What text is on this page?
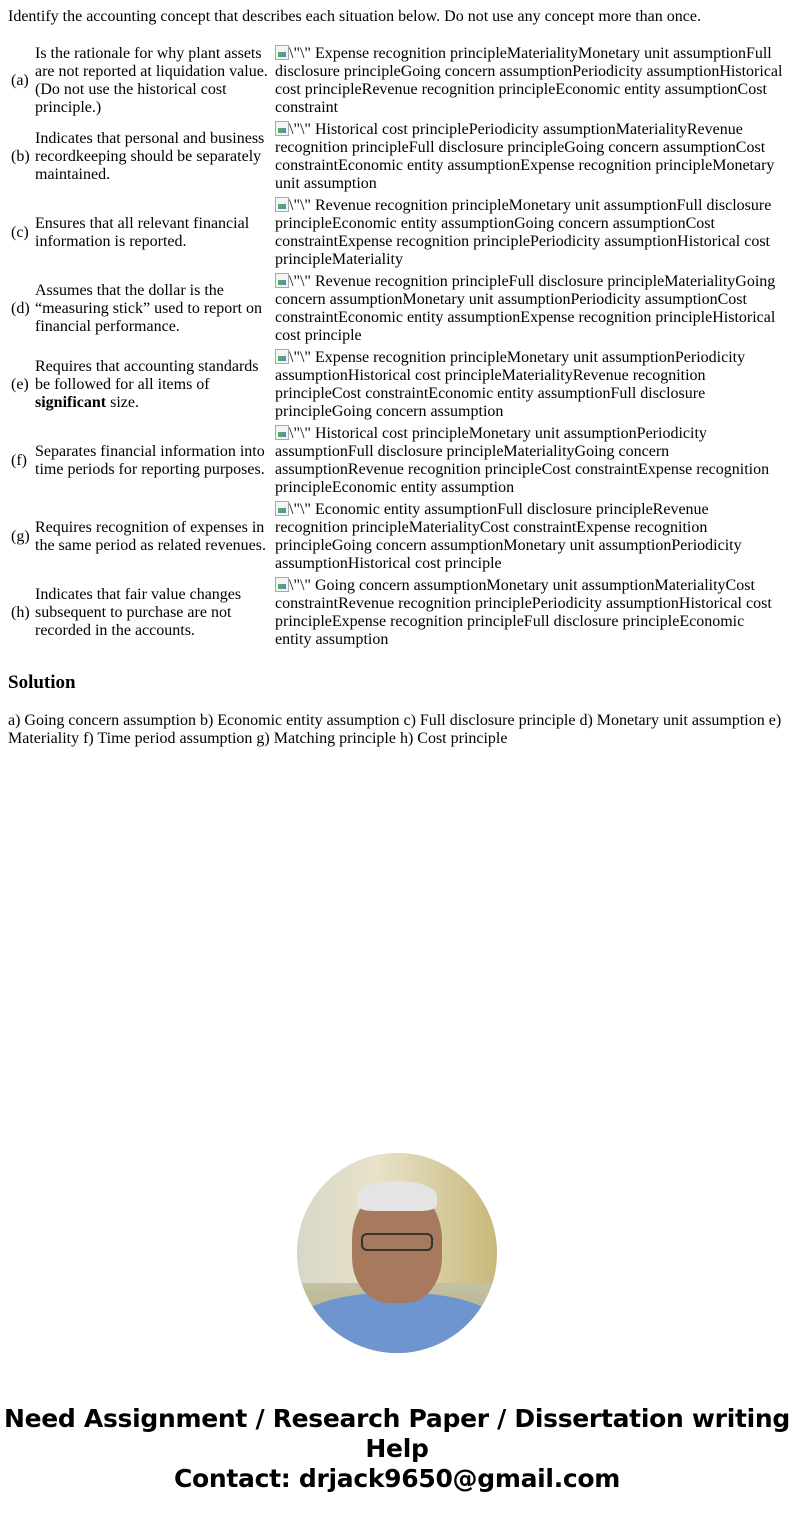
Identify the accounting concept that describes each situation below. Do not use any concept more than once.

(a)	Is the rationale for why plant assets are not reported at liquidation value. (Do not use the historical cost principle.)	\"\" Expense recognition principleMateriality​Monetary unit assumptionFull disclosure principleGoing concern assumptionPeriodicity assumptionHistorical cost principleRevenue recognition principleEconomic entity assumptionCost constraint
(b)	Indicates that personal and business recordkeeping should be separately maintained.	\"\" Historical cost principlePeriodicity assumptionMaterialityRevenue recognition principleFull disclosure principleGoing concern assumptionCost constraintEconomic entity assumptionExpense recognition principleMonetary unit assumption
(c)	Ensures that all relevant financial information is reported.	\"\" Revenue recognition principleMonetary unit assumptionFull disclosure principleEconomic entity assumptionGoing concern assumptionCost constraintExpense recognition principlePeriodicity assumptionHistorical cost principleMateriality
(d)	Assumes that the dollar is the “measuring stick” used to report on financial performance.	\"\" Revenue recognition principleFull disclosure principleMaterialityGoing concern assumptionMonetary unit assumptionPeriodicity assumptionCost constraintEconomic entity assumptionExpense recognition principleHistorical cost principle
(e)	Requires that accounting standards be followed for all items of significant size.	\"\" Expense recognition principleMonetary unit assumptionPeriodicity assumptionHistorical cost principleMaterialityRevenue recognition principleCost constraintEconomic entity assumptionFull disclosure principleGoing concern assumption
(f)	Separates financial information into time periods for reporting purposes.	\"\" Historical cost principleMonetary unit assumptionPeriodicity assumptionFull disclosure principleMaterialityGoing concern assumptionRevenue recognition principleCost constraintExpense recognition principleEconomic entity assumption
(g)	Requires recognition of expenses in the same period as related revenues.	\"\" Economic entity assumptionFull disclosure principleRevenue recognition principleMaterialityCost constraintExpense recognition principleGoing concern assumptionMonetary unit assumptionPeriodicity assumptionHistorical cost principle
(h)	Indicates that fair value changes subsequent to purchase are not recorded in the accounts.	\"\" Going concern assumptionMonetary unit assumptionMaterialityCost constraintRevenue recognition principlePeriodicity assumptionHistorical cost principleExpense recognition principleFull disclosure principleEconomic entity assumption
Solution

a) Going concern assumption b) Economic entity assumption c) Full disclosure principle d) Monetary unit assumption e) Materiality f) Time period assumption g) Matching principle h) Cost principle

Need Assignment / Research Paper / Dissertation writing Help
Contact: drjack9650@gmail.com
